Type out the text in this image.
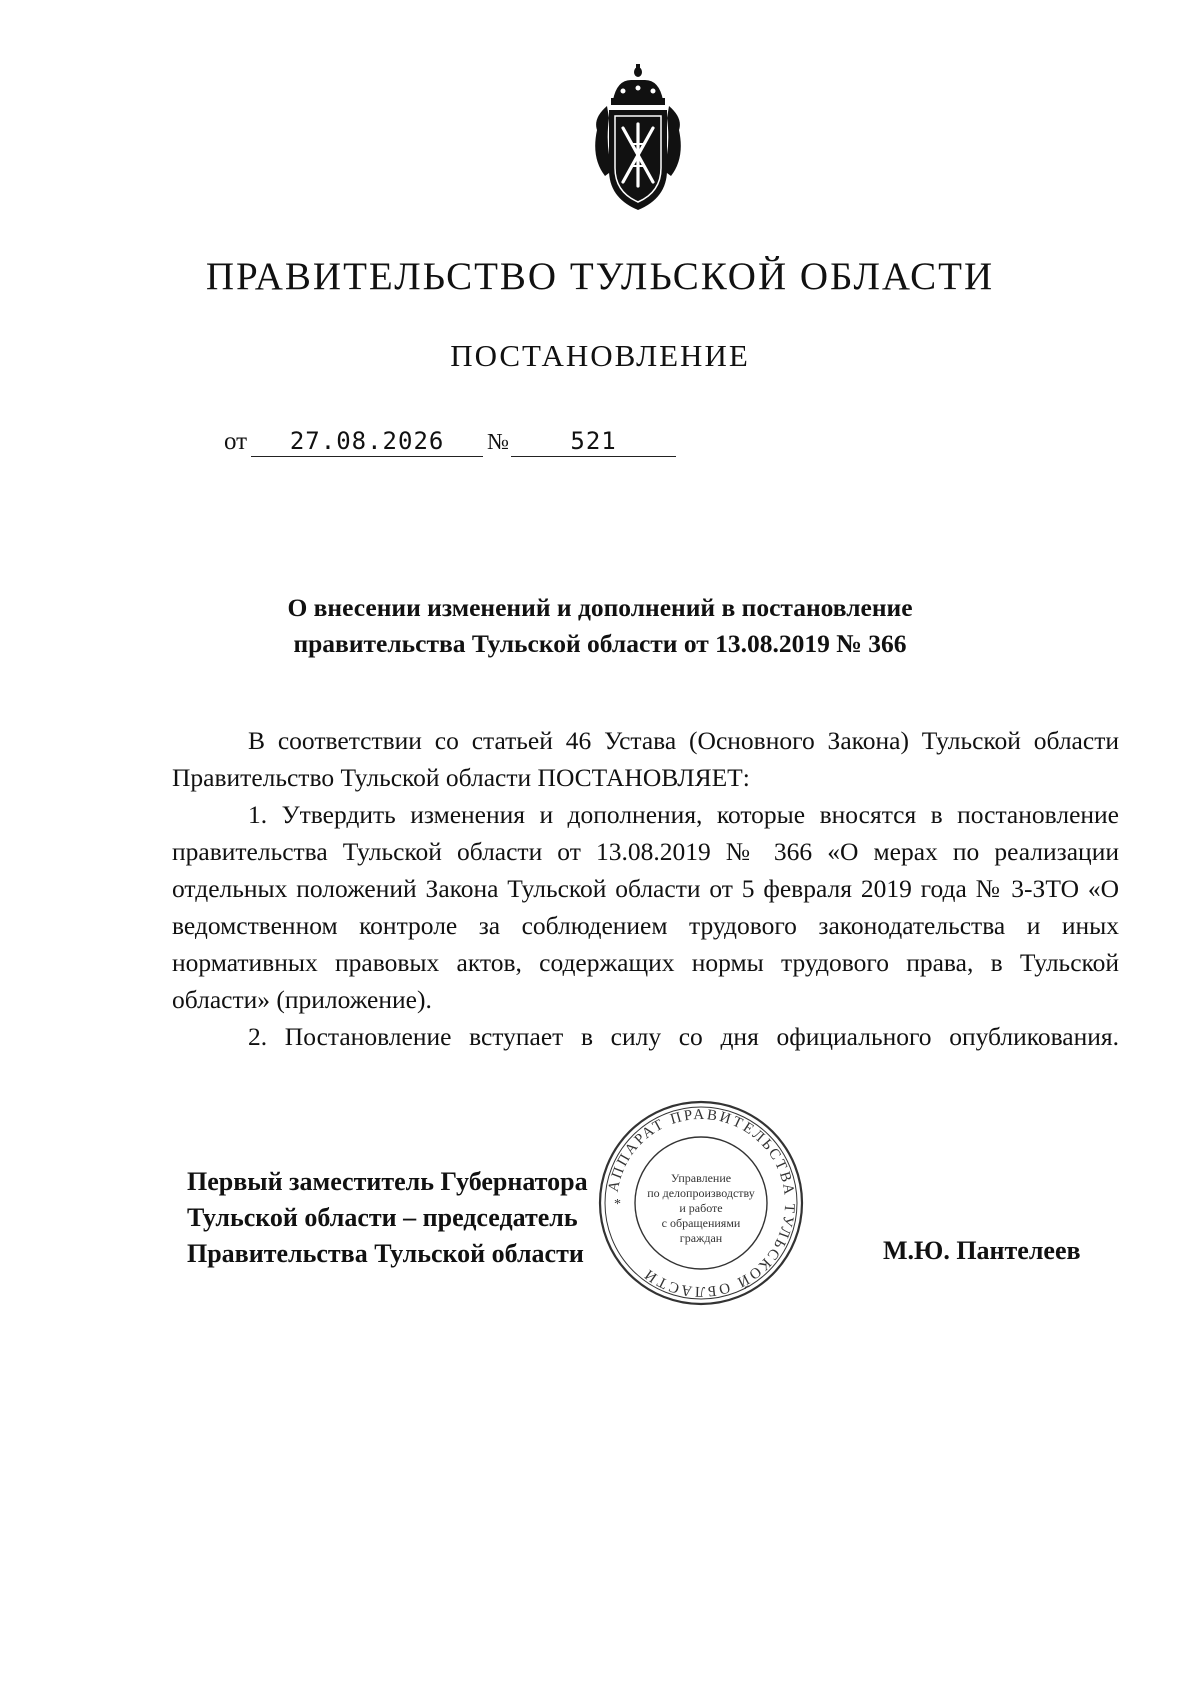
ПРАВИТЕЛЬСТВО ТУЛЬСКОЙ ОБЛАСТИ
ПОСТАНОВЛЕНИЕ
от 27.08.2026 №	521
О внесении изменений и дополнений в постановление
правительства Тульской области от 13.08.2019 № 366

В соответствии со статьей 46 Устава (Основного Закона) Тульской области Правительство Тульской области ПОСТАНОВЛЯЕТ:

1. Утвердить изменения и дополнения, которые вносятся в постановление правительства Тульской области от 13.08.2019 № 366 «О мерах по реализации отдельных положений Закона Тульской области от 5 февраля 2019 года № 3-ЗТО «О ведомственном контроле за соблюдением трудового законодательства и иных нормативных правовых актов, содержащих нормы трудового права, в Тульской области» (приложение).

2. Постановление вступает в силу со дня официального опубликования.

Первый заместитель Губернатора
Тульской области – председатель
Правительства Тульской области	М.Ю. Пантелеев
АППАРАТ ПРАВИТЕЛЬСТВА ТУЛЬСКОЙ ОБЛАСТИ
*
Управление
по делопроизводству
и работе
с обращениями
граждан
